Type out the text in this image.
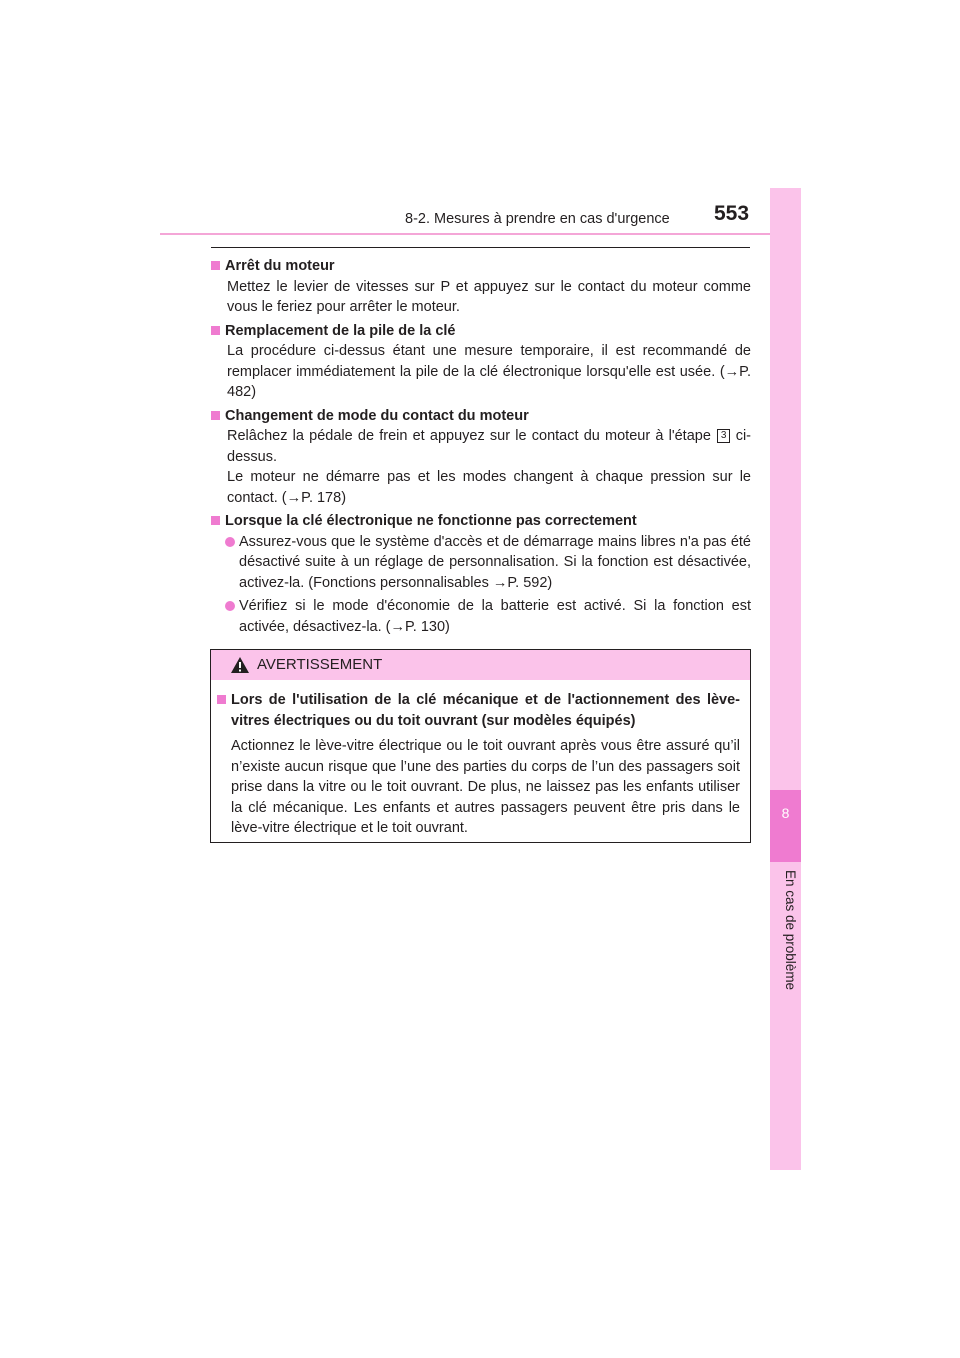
8-2. Mesures à prendre en cas d'urgence 553
8
En cas de problème
Arrêt du moteur
Mettez le levier de vitesses sur P et appuyez sur le contact du moteur comme vous le feriez pour arrêter le moteur.
Remplacement de la pile de la clé
La procédure ci-dessus étant une mesure temporaire, il est recommandé de remplacer immédiatement la pile de la clé électronique lorsqu'elle est usée. (→P. 482)
Changement de mode du contact du moteur
Relâchez la pédale de frein et appuyez sur le contact du moteur à l'étape 3 ci-dessus.
Le moteur ne démarre pas et les modes changent à chaque pression sur le contact. (→P. 178)
Lorsque la clé électronique ne fonctionne pas correctement
Assurez-vous que le système d'accès et de démarrage mains libres n'a pas été désactivé suite à un réglage de personnalisation. Si la fonction est désactivée, activez-la. (Fonctions personnalisables →P. 592)
Vérifiez si le mode d'économie de la batterie est activé. Si la fonction est activée, désactivez-la. (→P. 130)
AVERTISSEMENT
Lors de l'utilisation de la clé mécanique et de l'actionnement des lève-vitres électriques ou du toit ouvrant (sur modèles équipés)
Actionnez le lève-vitre électrique ou le toit ouvrant après vous être assuré qu’il n’existe aucun risque que l’une des parties du corps de l’un des passagers soit prise dans la vitre ou le toit ouvrant. De plus, ne laissez pas les enfants utiliser la clé mécanique. Les enfants et autres passagers peuvent être pris dans le lève-vitre électrique et le toit ouvrant.
